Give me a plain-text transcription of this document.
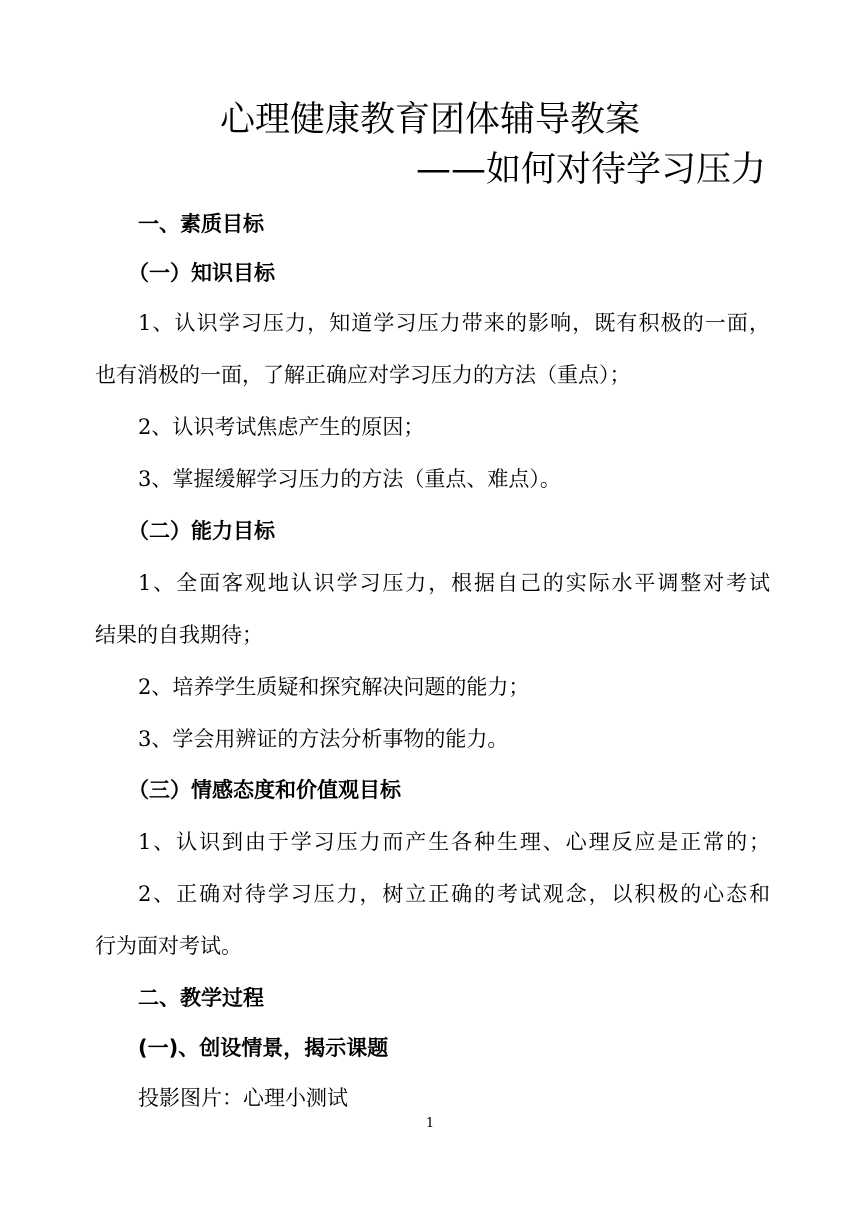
心理健康教育团体辅导教案
——如何对待学习压力
一、素质目标
（一）知识目标
1、认识学习压力，知道学习压力带来的影响，既有积极的一面，
也有消极的一面，了解正确应对学习压力的方法（重点）；
2、认识考试焦虑产生的原因；
3、掌握缓解学习压力的方法（重点、难点）。
（二）能力目标
1、全面客观地认识学习压力，根据自己的实际水平调整对考试
结果的自我期待；
2、培养学生质疑和探究解决问题的能力；
3、学会用辨证的方法分析事物的能力。
（三）情感态度和价值观目标
1、认识到由于学习压力而产生各种生理、心理反应是正常的；
2、正确对待学习压力，树立正确的考试观念，以积极的心态和
行为面对考试。
二、教学过程
(一)、创设情景，揭示课题
投影图片：心理小测试
1
